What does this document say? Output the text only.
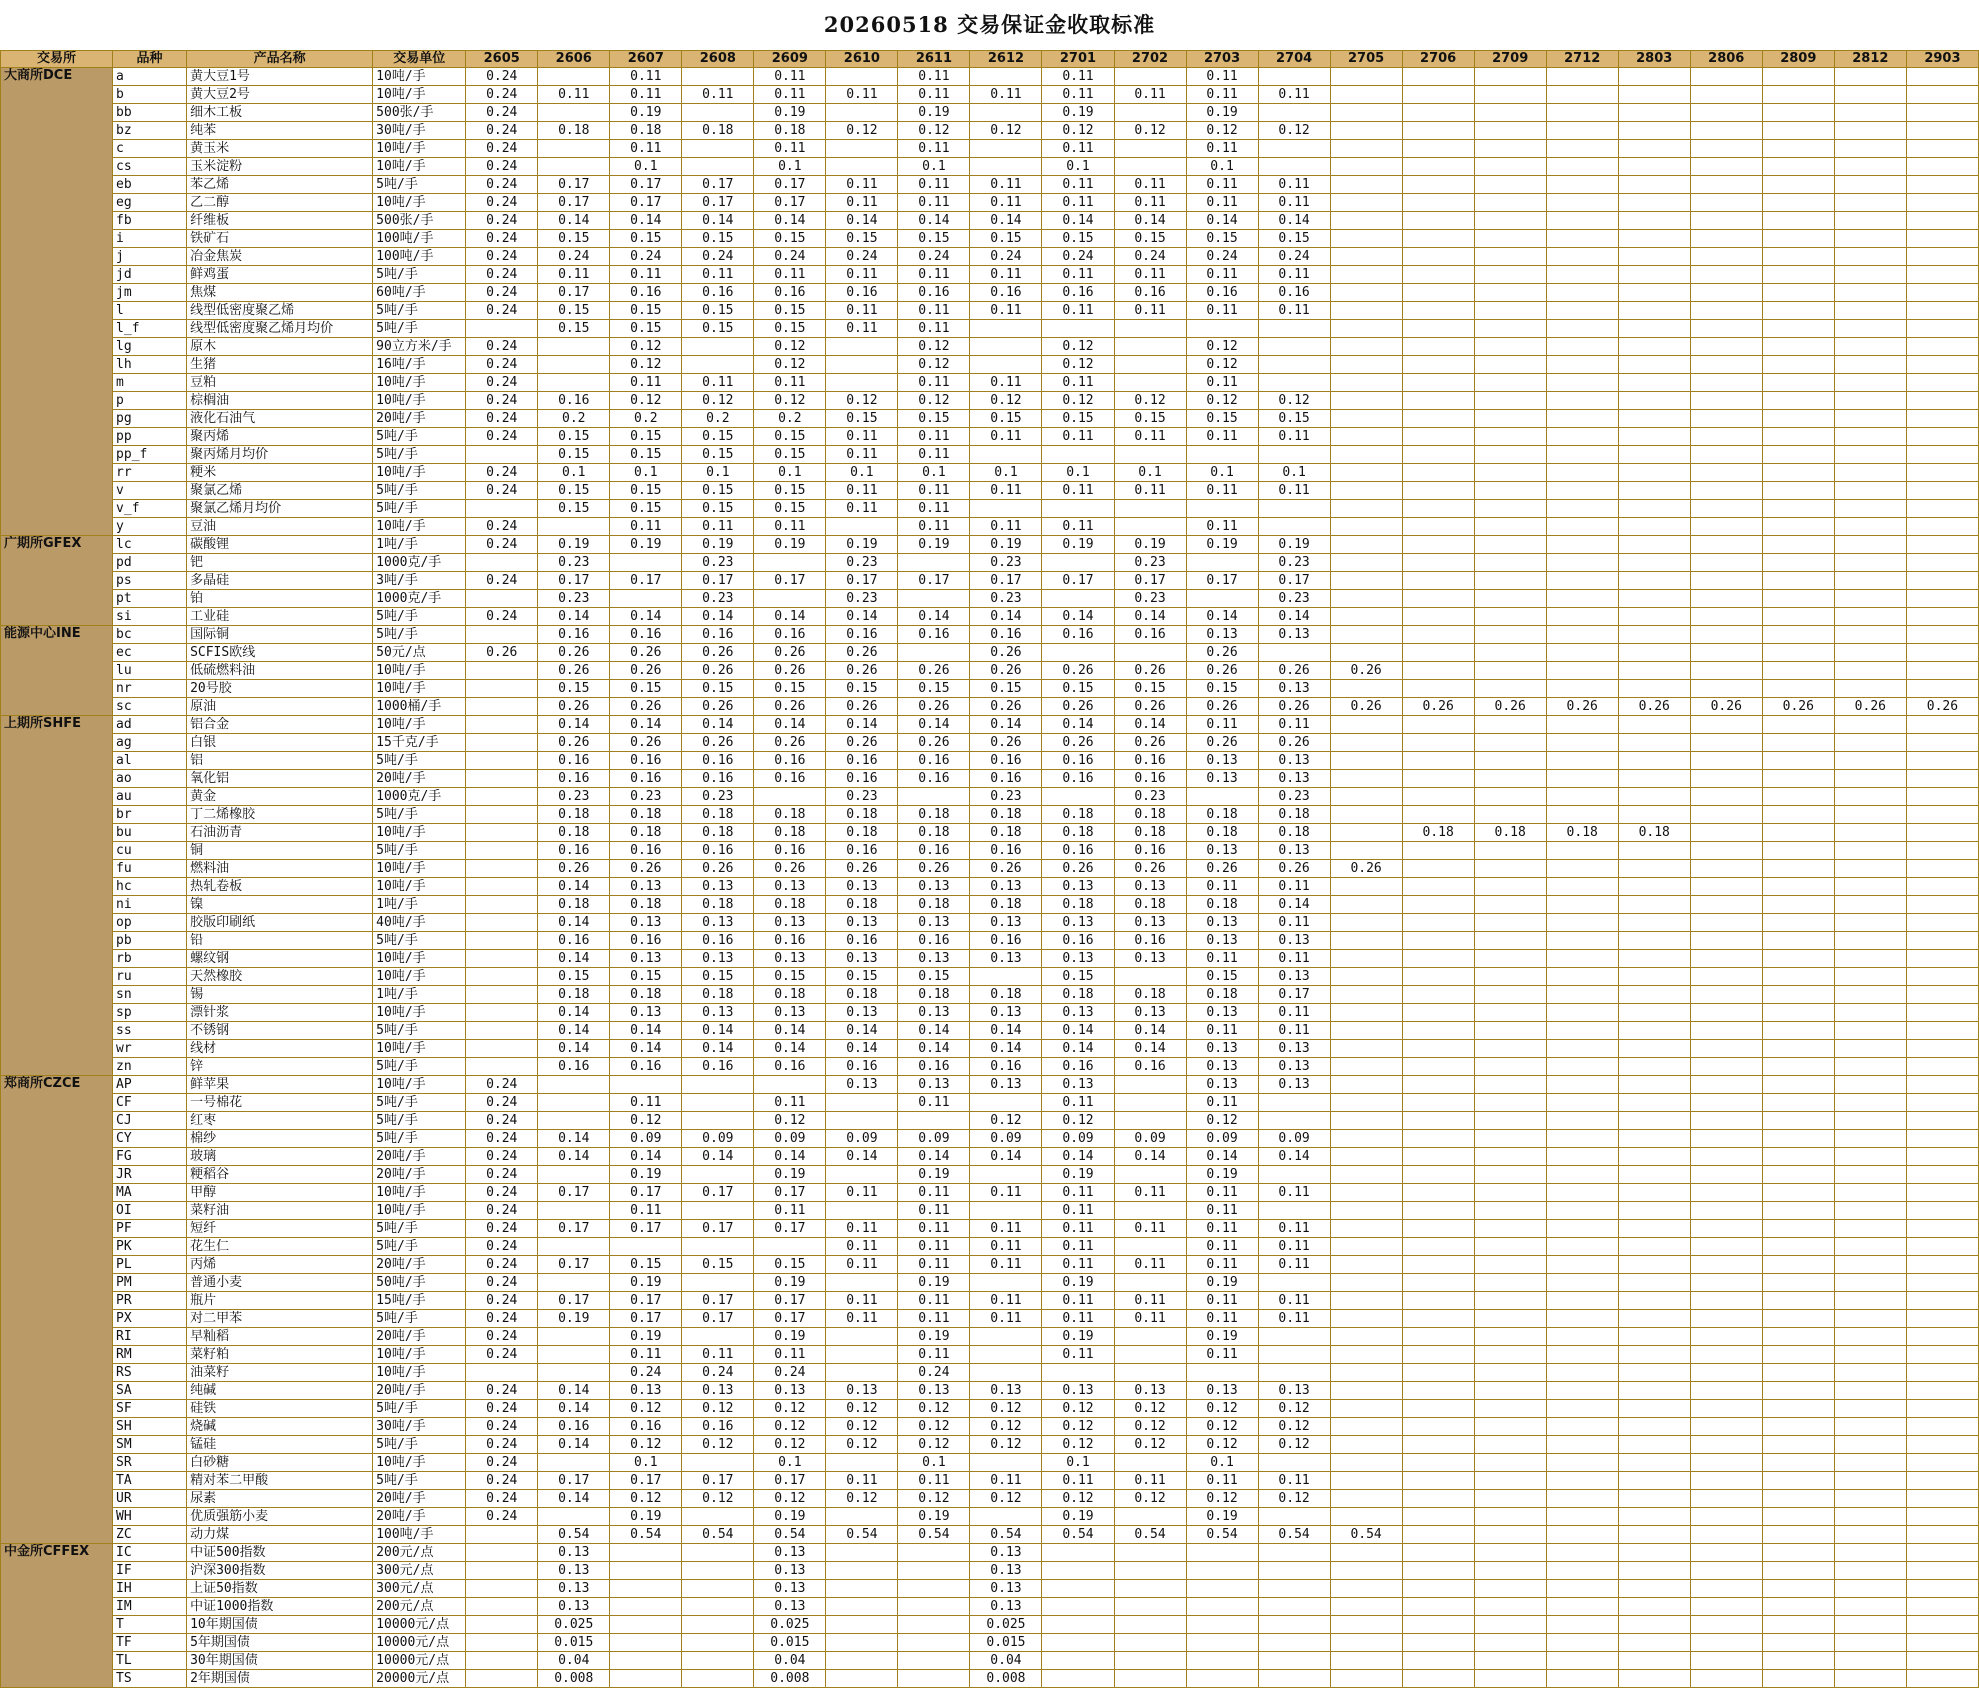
20260518 交易保证金收取标准
交易所	品种	产品名称	交易单位	2605	2606	2607	2608	2609	2610	2611	2612	2701	2702	2703	2704	2705	2706	2709	2712	2803	2806	2809	2812	2903
大商所DCE	a	黄大豆1号	10吨/手	0.24		0.11		0.11		0.11		0.11		0.11										
	b	黄大豆2号	10吨/手	0.24	0.11	0.11	0.11	0.11	0.11	0.11	0.11	0.11	0.11	0.11	0.11									
	bb	细木工板	500张/手	0.24		0.19		0.19		0.19		0.19		0.19										
	bz	纯苯	30吨/手	0.24	0.18	0.18	0.18	0.18	0.12	0.12	0.12	0.12	0.12	0.12	0.12									
	c	黄玉米	10吨/手	0.24		0.11		0.11		0.11		0.11		0.11										
	cs	玉米淀粉	10吨/手	0.24		0.1		0.1		0.1		0.1		0.1										
	eb	苯乙烯	5吨/手	0.24	0.17	0.17	0.17	0.17	0.11	0.11	0.11	0.11	0.11	0.11	0.11									
	eg	乙二醇	10吨/手	0.24	0.17	0.17	0.17	0.17	0.11	0.11	0.11	0.11	0.11	0.11	0.11									
	fb	纤维板	500张/手	0.24	0.14	0.14	0.14	0.14	0.14	0.14	0.14	0.14	0.14	0.14	0.14									
	i	铁矿石	100吨/手	0.24	0.15	0.15	0.15	0.15	0.15	0.15	0.15	0.15	0.15	0.15	0.15									
	j	冶金焦炭	100吨/手	0.24	0.24	0.24	0.24	0.24	0.24	0.24	0.24	0.24	0.24	0.24	0.24									
	jd	鲜鸡蛋	5吨/手	0.24	0.11	0.11	0.11	0.11	0.11	0.11	0.11	0.11	0.11	0.11	0.11									
	jm	焦煤	60吨/手	0.24	0.17	0.16	0.16	0.16	0.16	0.16	0.16	0.16	0.16	0.16	0.16									
	l	线型低密度聚乙烯	5吨/手	0.24	0.15	0.15	0.15	0.15	0.11	0.11	0.11	0.11	0.11	0.11	0.11									
	l_f	线型低密度聚乙烯月均价	5吨/手		0.15	0.15	0.15	0.15	0.11	0.11														
	lg	原木	90立方米/手	0.24		0.12		0.12		0.12		0.12		0.12										
	lh	生猪	16吨/手	0.24		0.12		0.12		0.12		0.12		0.12										
	m	豆粕	10吨/手	0.24		0.11	0.11	0.11		0.11	0.11	0.11		0.11										
	p	棕榈油	10吨/手	0.24	0.16	0.12	0.12	0.12	0.12	0.12	0.12	0.12	0.12	0.12	0.12									
	pg	液化石油气	20吨/手	0.24	0.2	0.2	0.2	0.2	0.15	0.15	0.15	0.15	0.15	0.15	0.15									
	pp	聚丙烯	5吨/手	0.24	0.15	0.15	0.15	0.15	0.11	0.11	0.11	0.11	0.11	0.11	0.11									
	pp_f	聚丙烯月均价	5吨/手		0.15	0.15	0.15	0.15	0.11	0.11														
	rr	粳米	10吨/手	0.24	0.1	0.1	0.1	0.1	0.1	0.1	0.1	0.1	0.1	0.1	0.1									
	v	聚氯乙烯	5吨/手	0.24	0.15	0.15	0.15	0.15	0.11	0.11	0.11	0.11	0.11	0.11	0.11									
	v_f	聚氯乙烯月均价	5吨/手		0.15	0.15	0.15	0.15	0.11	0.11														
	y	豆油	10吨/手	0.24		0.11	0.11	0.11		0.11	0.11	0.11		0.11										
广期所GFEX	lc	碳酸锂	1吨/手	0.24	0.19	0.19	0.19	0.19	0.19	0.19	0.19	0.19	0.19	0.19	0.19									
	pd	钯	1000克/手		0.23		0.23		0.23		0.23		0.23		0.23									
	ps	多晶硅	3吨/手	0.24	0.17	0.17	0.17	0.17	0.17	0.17	0.17	0.17	0.17	0.17	0.17									
	pt	铂	1000克/手		0.23		0.23		0.23		0.23		0.23		0.23									
	si	工业硅	5吨/手	0.24	0.14	0.14	0.14	0.14	0.14	0.14	0.14	0.14	0.14	0.14	0.14									
能源中心INE	bc	国际铜	5吨/手		0.16	0.16	0.16	0.16	0.16	0.16	0.16	0.16	0.16	0.13	0.13									
	ec	SCFIS欧线	50元/点	0.26	0.26	0.26	0.26	0.26	0.26		0.26			0.26										
	lu	低硫燃料油	10吨/手		0.26	0.26	0.26	0.26	0.26	0.26	0.26	0.26	0.26	0.26	0.26	0.26								
	nr	20号胶	10吨/手		0.15	0.15	0.15	0.15	0.15	0.15	0.15	0.15	0.15	0.15	0.13									
	sc	原油	1000桶/手		0.26	0.26	0.26	0.26	0.26	0.26	0.26	0.26	0.26	0.26	0.26	0.26	0.26	0.26	0.26	0.26	0.26	0.26	0.26	0.26
上期所SHFE	ad	铝合金	10吨/手		0.14	0.14	0.14	0.14	0.14	0.14	0.14	0.14	0.14	0.11	0.11									
	ag	白银	15千克/手		0.26	0.26	0.26	0.26	0.26	0.26	0.26	0.26	0.26	0.26	0.26									
	al	铝	5吨/手		0.16	0.16	0.16	0.16	0.16	0.16	0.16	0.16	0.16	0.13	0.13									
	ao	氧化铝	20吨/手		0.16	0.16	0.16	0.16	0.16	0.16	0.16	0.16	0.16	0.13	0.13									
	au	黄金	1000克/手		0.23	0.23	0.23		0.23		0.23		0.23		0.23									
	br	丁二烯橡胶	5吨/手		0.18	0.18	0.18	0.18	0.18	0.18	0.18	0.18	0.18	0.18	0.18									
	bu	石油沥青	10吨/手		0.18	0.18	0.18	0.18	0.18	0.18	0.18	0.18	0.18	0.18	0.18		0.18	0.18	0.18	0.18				
	cu	铜	5吨/手		0.16	0.16	0.16	0.16	0.16	0.16	0.16	0.16	0.16	0.13	0.13									
	fu	燃料油	10吨/手		0.26	0.26	0.26	0.26	0.26	0.26	0.26	0.26	0.26	0.26	0.26	0.26								
	hc	热轧卷板	10吨/手		0.14	0.13	0.13	0.13	0.13	0.13	0.13	0.13	0.13	0.11	0.11									
	ni	镍	1吨/手		0.18	0.18	0.18	0.18	0.18	0.18	0.18	0.18	0.18	0.18	0.14									
	op	胶版印刷纸	40吨/手		0.14	0.13	0.13	0.13	0.13	0.13	0.13	0.13	0.13	0.13	0.11									
	pb	铅	5吨/手		0.16	0.16	0.16	0.16	0.16	0.16	0.16	0.16	0.16	0.13	0.13									
	rb	螺纹钢	10吨/手		0.14	0.13	0.13	0.13	0.13	0.13	0.13	0.13	0.13	0.11	0.11									
	ru	天然橡胶	10吨/手		0.15	0.15	0.15	0.15	0.15	0.15		0.15		0.15	0.13									
	sn	锡	1吨/手		0.18	0.18	0.18	0.18	0.18	0.18	0.18	0.18	0.18	0.18	0.17									
	sp	漂针浆	10吨/手		0.14	0.13	0.13	0.13	0.13	0.13	0.13	0.13	0.13	0.13	0.11									
	ss	不锈钢	5吨/手		0.14	0.14	0.14	0.14	0.14	0.14	0.14	0.14	0.14	0.11	0.11									
	wr	线材	10吨/手		0.14	0.14	0.14	0.14	0.14	0.14	0.14	0.14	0.14	0.13	0.13									
	zn	锌	5吨/手		0.16	0.16	0.16	0.16	0.16	0.16	0.16	0.16	0.16	0.13	0.13									
郑商所CZCE	AP	鲜苹果	10吨/手	0.24					0.13	0.13	0.13	0.13		0.13	0.13									
	CF	一号棉花	5吨/手	0.24		0.11		0.11		0.11		0.11		0.11										
	CJ	红枣	5吨/手	0.24		0.12		0.12			0.12	0.12		0.12										
	CY	棉纱	5吨/手	0.24	0.14	0.09	0.09	0.09	0.09	0.09	0.09	0.09	0.09	0.09	0.09									
	FG	玻璃	20吨/手	0.24	0.14	0.14	0.14	0.14	0.14	0.14	0.14	0.14	0.14	0.14	0.14									
	JR	粳稻谷	20吨/手	0.24		0.19		0.19		0.19		0.19		0.19										
	MA	甲醇	10吨/手	0.24	0.17	0.17	0.17	0.17	0.11	0.11	0.11	0.11	0.11	0.11	0.11									
	OI	菜籽油	10吨/手	0.24		0.11		0.11		0.11		0.11		0.11										
	PF	短纤	5吨/手	0.24	0.17	0.17	0.17	0.17	0.11	0.11	0.11	0.11	0.11	0.11	0.11									
	PK	花生仁	5吨/手	0.24					0.11	0.11	0.11	0.11		0.11	0.11									
	PL	丙烯	20吨/手	0.24	0.17	0.15	0.15	0.15	0.11	0.11	0.11	0.11	0.11	0.11	0.11									
	PM	普通小麦	50吨/手	0.24		0.19		0.19		0.19		0.19		0.19										
	PR	瓶片	15吨/手	0.24	0.17	0.17	0.17	0.17	0.11	0.11	0.11	0.11	0.11	0.11	0.11									
	PX	对二甲苯	5吨/手	0.24	0.19	0.17	0.17	0.17	0.11	0.11	0.11	0.11	0.11	0.11	0.11									
	RI	早籼稻	20吨/手	0.24		0.19		0.19		0.19		0.19		0.19										
	RM	菜籽粕	10吨/手	0.24		0.11	0.11	0.11		0.11		0.11		0.11										
	RS	油菜籽	10吨/手			0.24	0.24	0.24		0.24														
	SA	纯碱	20吨/手	0.24	0.14	0.13	0.13	0.13	0.13	0.13	0.13	0.13	0.13	0.13	0.13									
	SF	硅铁	5吨/手	0.24	0.14	0.12	0.12	0.12	0.12	0.12	0.12	0.12	0.12	0.12	0.12									
	SH	烧碱	30吨/手	0.24	0.16	0.16	0.16	0.12	0.12	0.12	0.12	0.12	0.12	0.12	0.12									
	SM	锰硅	5吨/手	0.24	0.14	0.12	0.12	0.12	0.12	0.12	0.12	0.12	0.12	0.12	0.12									
	SR	白砂糖	10吨/手	0.24		0.1		0.1		0.1		0.1		0.1										
	TA	精对苯二甲酸	5吨/手	0.24	0.17	0.17	0.17	0.17	0.11	0.11	0.11	0.11	0.11	0.11	0.11									
	UR	尿素	20吨/手	0.24	0.14	0.12	0.12	0.12	0.12	0.12	0.12	0.12	0.12	0.12	0.12									
	WH	优质强筋小麦	20吨/手	0.24		0.19		0.19		0.19		0.19		0.19										
	ZC	动力煤	100吨/手		0.54	0.54	0.54	0.54	0.54	0.54	0.54	0.54	0.54	0.54	0.54	0.54								
中金所CFFEX	IC	中证500指数	200元/点		0.13			0.13			0.13													
	IF	沪深300指数	300元/点		0.13			0.13			0.13													
	IH	上证50指数	300元/点		0.13			0.13			0.13													
	IM	中证1000指数	200元/点		0.13			0.13			0.13													
	T	10年期国债	10000元/点		0.025			0.025			0.025													
	TF	5年期国债	10000元/点		0.015			0.015			0.015													
	TL	30年期国债	10000元/点		0.04			0.04			0.04													
	TS	2年期国债	20000元/点		0.008			0.008			0.008													
